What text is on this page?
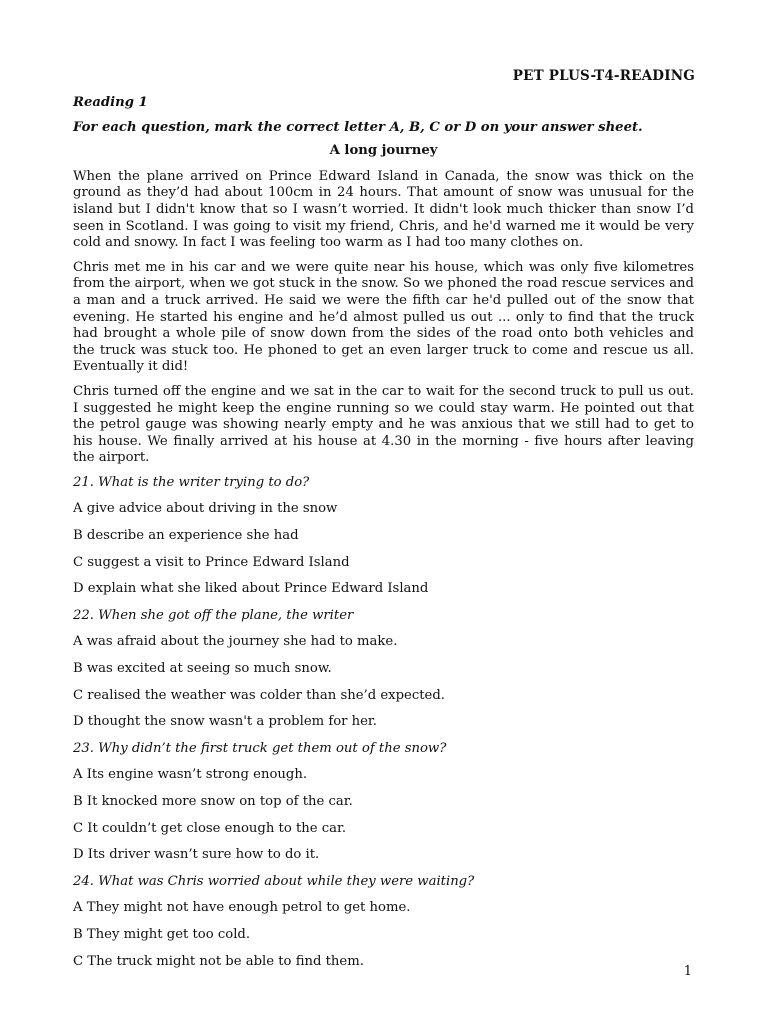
PET PLUS-T4-READING
Reading 1
For each question, mark the correct letter A, B, C or D on your answer sheet.
A long journey

When the plane arrived on Prince Edward Island in Canada, the snow was thick on the ground as they’d had about 100cm in 24 hours. That amount of snow was unusual for the island but I didn't know that so I wasn’t worried. It didn't look much thicker than snow I’d seen in Scotland. I was going to visit my friend, Chris, and he'd warned me it would be very cold and snowy. In fact I was feeling too warm as I had too many clothes on.

Chris met me in his car and we were quite near his house, which was only five kilometres from the airport, when we got stuck in the snow. So we phoned the road rescue services and a man and a truck arrived. He said we were the fifth car he'd pulled out of the snow that evening. He started his engine and he’d almost pulled us out ... only to find that the truck had brought a whole pile of snow down from the sides of the road onto both vehicles and the truck was stuck too. He phoned to get an even larger truck to come and rescue us all. Eventually it did!

Chris turned off the engine and we sat in the car to wait for the second truck to pull us out. I suggested he might keep the engine running so we could stay warm. He pointed out that the petrol gauge was showing nearly empty and he was anxious that we still had to get to his house. We finally arrived at his house at 4.30 in the morning - five hours after leaving the airport.

21. What is the writer trying to do?
A give advice about driving in the snow
B describe an experience she had
C suggest a visit to Prince Edward Island
D explain what she liked about Prince Edward Island
22. When she got off the plane, the writer
A was afraid about the journey she had to make.
B was excited at seeing so much snow.
C realised the weather was colder than she’d expected.
D thought the snow wasn't a problem for her.
23. Why didn’t the first truck get them out of the snow?
A Its engine wasn’t strong enough.
B It knocked more snow on top of the car.
C It couldn’t get close enough to the car.
D Its driver wasn’t sure how to do it.
24. What was Chris worried about while they were waiting?
A They might not have enough petrol to get home.
B They might get too cold.
C The truck might not be able to find them.
1
